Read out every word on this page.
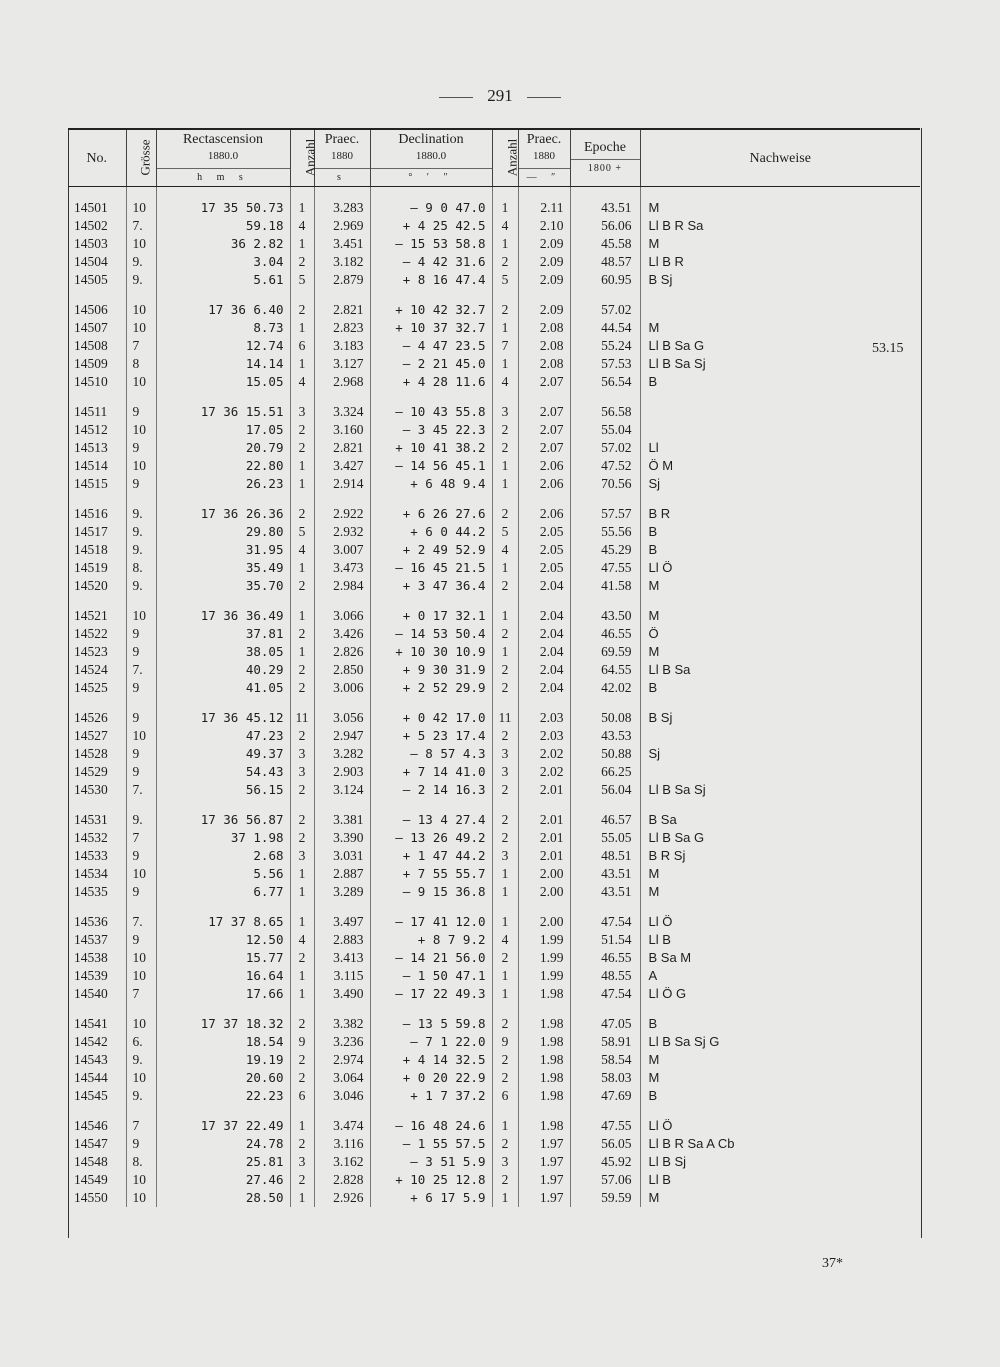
291
No.	Grösse	Rectascension
1880.0
h m s	Anzahl	Praec.
1880
s	Declination
1880.0
° ′ ″	Anzahl	Praec.
1880
— ″	Epoche
1800 +	Nachweise
14501	10	17 35 50.73	1	3.283	— 9 0 47.0	1	2.11	43.51	M
14502	7.	59.18	4	2.969	+ 4 25 42.5	4	2.10	56.06	Ll B R Sa
14503	10	36 2.82	1	3.451	— 15 53 58.8	1	2.09	45.58	M
14504	9.	3.04	2	3.182	— 4 42 31.6	2	2.09	48.57	Ll B R
14505	9.	5.61	5	2.879	+ 8 16 47.4	5	2.09	60.95	B Sj
14506	10	17 36 6.40	2	2.821	+ 10 42 32.7	2	2.09	57.02	
14507	10	8.73	1	2.823	+ 10 37 32.7	1	2.08	44.54	M
14508	7	12.74	6	3.183	— 4 47 23.5	7	2.08	55.24	Ll B Sa G
14509	8	14.14	1	3.127	— 2 21 45.0	1	2.08	57.53	Ll B Sa Sj
14510	10	15.05	4	2.968	+ 4 28 11.6	4	2.07	56.54	B
14511	9	17 36 15.51	3	3.324	— 10 43 55.8	3	2.07	56.58	
14512	10	17.05	2	3.160	— 3 45 22.3	2	2.07	55.04	
14513	9	20.79	2	2.821	+ 10 41 38.2	2	2.07	57.02	Ll
14514	10	22.80	1	3.427	— 14 56 45.1	1	2.06	47.52	Ö M
14515	9	26.23	1	2.914	+ 6 48 9.4	1	2.06	70.56	Sj
14516	9.	17 36 26.36	2	2.922	+ 6 26 27.6	2	2.06	57.57	B R
14517	9.	29.80	5	2.932	+ 6 0 44.2	5	2.05	55.56	B
14518	9.	31.95	4	3.007	+ 2 49 52.9	4	2.05	45.29	B
14519	8.	35.49	1	3.473	— 16 45 21.5	1	2.05	47.55	Ll Ö
14520	9.	35.70	2	2.984	+ 3 47 36.4	2	2.04	41.58	M
14521	10	17 36 36.49	1	3.066	+ 0 17 32.1	1	2.04	43.50	M
14522	9	37.81	2	3.426	— 14 53 50.4	2	2.04	46.55	Ö
14523	9	38.05	1	2.826	+ 10 30 10.9	1	2.04	69.59	M
14524	7.	40.29	2	2.850	+ 9 30 31.9	2	2.04	64.55	Ll B Sa
14525	9	41.05	2	3.006	+ 2 52 29.9	2	2.04	42.02	B
14526	9	17 36 45.12	11	3.056	+ 0 42 17.0	11	2.03	50.08	B Sj
14527	10	47.23	2	2.947	+ 5 23 17.4	2	2.03	43.53	
14528	9	49.37	3	3.282	— 8 57 4.3	3	2.02	50.88	Sj
14529	9	54.43	3	2.903	+ 7 14 41.0	3	2.02	66.25	
14530	7.	56.15	2	3.124	— 2 14 16.3	2	2.01	56.04	Ll B Sa Sj
14531	9.	17 36 56.87	2	3.381	— 13 4 27.4	2	2.01	46.57	B Sa
14532	7	37 1.98	2	3.390	— 13 26 49.2	2	2.01	55.05	Ll B Sa G
14533	9	2.68	3	3.031	+ 1 47 44.2	3	2.01	48.51	B R Sj
14534	10	5.56	1	2.887	+ 7 55 55.7	1	2.00	43.51	M
14535	9	6.77	1	3.289	— 9 15 36.8	1	2.00	43.51	M
14536	7.	17 37 8.65	1	3.497	— 17 41 12.0	1	2.00	47.54	Ll Ö
14537	9	12.50	4	2.883	+ 8 7 9.2	4	1.99	51.54	Ll B
14538	10	15.77	2	3.413	— 14 21 56.0	2	1.99	46.55	B Sa M
14539	10	16.64	1	3.115	— 1 50 47.1	1	1.99	48.55	A
14540	7	17.66	1	3.490	— 17 22 49.3	1	1.98	47.54	Ll Ö G
14541	10	17 37 18.32	2	3.382	— 13 5 59.8	2	1.98	47.05	B
14542	6.	18.54	9	3.236	— 7 1 22.0	9	1.98	58.91	Ll B Sa Sj G
14543	9.	19.19	2	2.974	+ 4 14 32.5	2	1.98	58.54	M
14544	10	20.60	2	3.064	+ 0 20 22.9	2	1.98	58.03	M
14545	9.	22.23	6	3.046	+ 1 7 37.2	6	1.98	47.69	B
14546	7	17 37 22.49	1	3.474	— 16 48 24.6	1	1.98	47.55	Ll Ö
14547	9	24.78	2	3.116	— 1 55 57.5	2	1.97	56.05	Ll B R Sa A Cb
14548	8.	25.81	3	3.162	— 3 51 5.9	3	1.97	45.92	Ll B Sj
14549	10	27.46	2	2.828	+ 10 25 12.8	2	1.97	57.06	Ll B
14550	10	28.50	1	2.926	+ 6 17 5.9	1	1.97	59.59	M
53.15
37*
